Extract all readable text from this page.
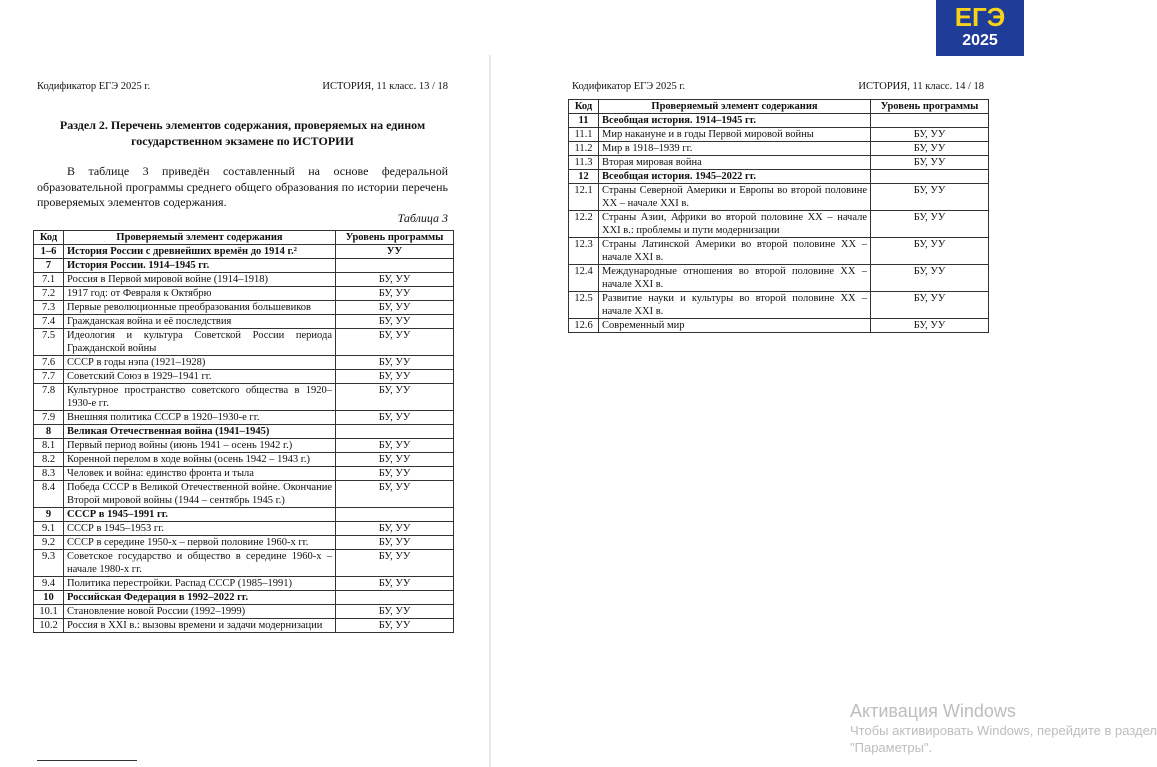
Кодификатор ЕГЭ 2025 г.	ИСТОРИЯ, 11 класс. 13 / 18
Раздел 2. Перечень элементов содержания, проверяемых на едином государственном экзамене по ИСТОРИИ
В таблице 3 приведён составленный на основе федеральной образовательной программы среднего общего образования по истории перечень проверяемых элементов содержания.
Таблица 3
Код	Проверяемый элемент содержания	Уровень программы
1–6	История России с древнейших времён до 1914 г.²	УУ
7	История России. 1914–1945 гг.	
7.1	Россия в Первой мировой войне (1914–1918)	БУ, УУ
7.2	1917 год: от Февраля к Октябрю	БУ, УУ
7.3	Первые революционные преобразования большевиков	БУ, УУ
7.4	Гражданская война и её последствия	БУ, УУ
7.5	Идеология и культура Советской России периода Гражданской войны	БУ, УУ
7.6	СССР в годы нэпа (1921–1928)	БУ, УУ
7.7	Советский Союз в 1929–1941 гг.	БУ, УУ
7.8	Культурное пространство советского общества в 1920–1930-е гг.	БУ, УУ
7.9	Внешняя политика СССР в 1920–1930-е гг.	БУ, УУ
8	Великая Отечественная война (1941–1945)	
8.1	Первый период войны (июнь 1941 – осень 1942 г.)	БУ, УУ
8.2	Коренной перелом в ходе войны (осень 1942 – 1943 г.)	БУ, УУ
8.3	Человек и война: единство фронта и тыла	БУ, УУ
8.4	Победа СССР в Великой Отечественной войне. Окончание Второй мировой войны (1944 – сентябрь 1945 г.)	БУ, УУ
9	СССР в 1945–1991 гг.	
9.1	СССР в 1945–1953 гг.	БУ, УУ
9.2	СССР в середине 1950-х – первой половине 1960-х гг.	БУ, УУ
9.3	Советское государство и общество в середине 1960-х – начале 1980-х гг.	БУ, УУ
9.4	Политика перестройки. Распад СССР (1985–1991)	БУ, УУ
10	Российская Федерация в 1992–2022 гг.	
10.1	Становление новой России (1992–1999)	БУ, УУ
10.2	Россия в XXI в.: вызовы времени и задачи модернизации	БУ, УУ
Кодификатор ЕГЭ 2025 г.	ИСТОРИЯ, 11 класс. 14 / 18
Код	Проверяемый элемент содержания	Уровень программы
11	Всеобщая история. 1914–1945 гг.	
11.1	Мир накануне и в годы Первой мировой войны	БУ, УУ
11.2	Мир в 1918–1939 гг.	БУ, УУ
11.3	Вторая мировая война	БУ, УУ
12	Всеобщая история. 1945–2022 гг.	
12.1	Страны Северной Америки и Европы во второй половине XX – начале XXI в.	БУ, УУ
12.2	Страны Азии, Африки во второй половине XX – начале XXI в.: проблемы и пути модернизации	БУ, УУ
12.3	Страны Латинской Америки во второй половине XX – начале XXI в.	БУ, УУ
12.4	Международные отношения во второй половине XX – начале XXI в.	БУ, УУ
12.5	Развитие науки и культуры во второй половине XX – начале XXI в.	БУ, УУ
12.6	Современный мир	БУ, УУ
ЕГЭ
2025
Активация Windows
Чтобы активировать Windows, перейдите в раздел
"Параметры".
